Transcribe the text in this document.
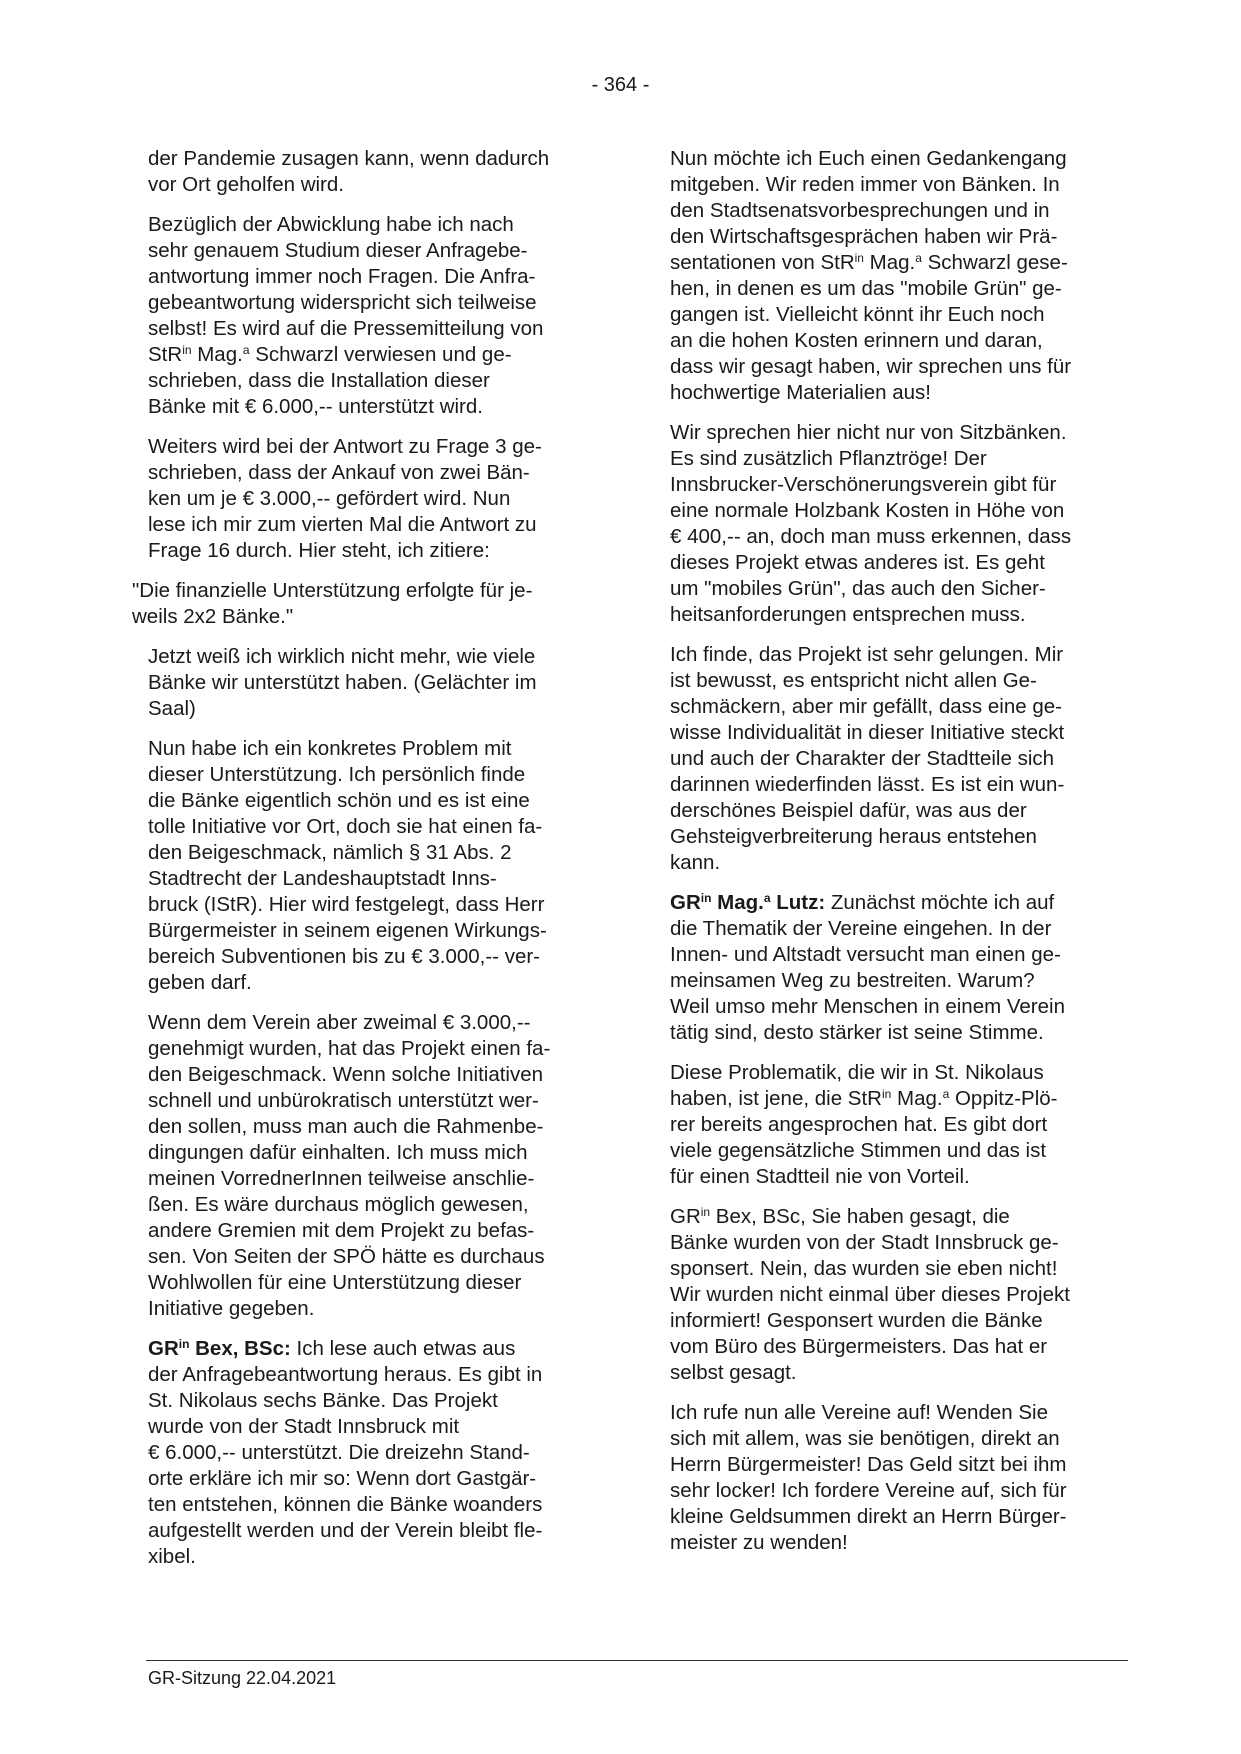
- 364 -

der Pandemie zusagen kann, wenn dadurch
vor Ort geholfen wird.

Bezüglich der Abwicklung habe ich nach
sehr genauem Studium dieser Anfragebe-
antwortung immer noch Fragen. Die Anfra-
gebeantwortung widerspricht sich teilweise
selbst! Es wird auf die Pressemitteilung von
StR$^{in}$ Mag.$^a$ Schwarzl verwiesen und ge-
schrieben, dass die Installation dieser
Bänke mit € 6.000,-- unterstützt wird.

Weiters wird bei der Antwort zu Frage 3 ge-
schrieben, dass der Ankauf von zwei Bän-
ken um je € 3.000,-- gefördert wird. Nun
lese ich mir zum vierten Mal die Antwort zu
Frage 16 durch. Hier steht, ich zitiere:

"Die finanzielle Unterstützung erfolgte für je-
weils 2x2 Bänke."

Jetzt weiß ich wirklich nicht mehr, wie viele
Bänke wir unterstützt haben. (Gelächter im
Saal)

Nun habe ich ein konkretes Problem mit
dieser Unterstützung. Ich persönlich finde
die Bänke eigentlich schön und es ist eine
tolle Initiative vor Ort, doch sie hat einen fa-
den Beigeschmack, nämlich § 31 Abs. 2
Stadtrecht der Landeshauptstadt Inns-
bruck (IStR). Hier wird festgelegt, dass Herr
Bürgermeister in seinem eigenen Wirkungs-
bereich Subventionen bis zu € 3.000,-- ver-
geben darf.

Wenn dem Verein aber zweimal € 3.000,--
genehmigt wurden, hat das Projekt einen fa-
den Beigeschmack. Wenn solche Initiativen
schnell und unbürokratisch unterstützt wer-
den sollen, muss man auch die Rahmenbe-
dingungen dafür einhalten. Ich muss mich
meinen VorrednerInnen teilweise anschlie-
ßen. Es wäre durchaus möglich gewesen,
andere Gremien mit dem Projekt zu befas-
sen. Von Seiten der SPÖ hätte es durchaus
Wohlwollen für eine Unterstützung dieser
Initiative gegeben.

$GR^{in}$ Bex, BSc: Ich lese auch etwas aus
der Anfragebeantwortung heraus. Es gibt in
St. Nikolaus sechs Bänke. Das Projekt
wurde von der Stadt Innsbruck mit
€ 6.000,-- unterstützt. Die dreizehn Stand-
orte erkläre ich mir so: Wenn dort Gastgär-
ten entstehen, können die Bänke woanders
aufgestellt werden und der Verein bleibt fle-
xibel.

Nun möchte ich Euch einen Gedankengang
mitgeben. Wir reden immer von Bänken. In
den Stadtsenatsvorbesprechungen und in
den Wirtschaftsgesprächen haben wir Prä-
sentationen von StR$^{in}$ Mag.$^a$ Schwarzl gese-
hen, in denen es um das "mobile Grün" ge-
gangen ist. Vielleicht könnt ihr Euch noch
an die hohen Kosten erinnern und daran,
dass wir gesagt haben, wir sprechen uns für
hochwertige Materialien aus!

Wir sprechen hier nicht nur von Sitzbänken.
Es sind zusätzlich Pflanztröge! Der
Innsbrucker-Verschönerungsverein gibt für
eine normale Holzbank Kosten in Höhe von
€ 400,-- an, doch man muss erkennen, dass
dieses Projekt etwas anderes ist. Es geht
um "mobiles Grün", das auch den Sicher-
heitsanforderungen entsprechen muss.

Ich finde, das Projekt ist sehr gelungen. Mir
ist bewusst, es entspricht nicht allen Ge-
schmäckern, aber mir gefällt, dass eine ge-
wisse Individualität in dieser Initiative steckt
und auch der Charakter der Stadtteile sich
darinnen wiederfinden lässt. Es ist ein wun-
derschönes Beispiel dafür, was aus der
Gehsteigverbreiterung heraus entstehen
kann.

$GR^{in}$ Mag.$^a$ Lutz: Zunächst möchte ich auf
die Thematik der Vereine eingehen. In der
Innen- und Altstadt versucht man einen ge-
meinsamen Weg zu bestreiten. Warum?
Weil umso mehr Menschen in einem Verein
tätig sind, desto stärker ist seine Stimme.

Diese Problematik, die wir in St. Nikolaus
haben, ist jene, die StR$^{in}$ Mag.$^a$ Oppitz-Plö-
rer bereits angesprochen hat. Es gibt dort
viele gegensätzliche Stimmen und das ist
für einen Stadtteil nie von Vorteil.

$GR^{in}$ Bex, BSc, Sie haben gesagt, die
Bänke wurden von der Stadt Innsbruck ge-
sponsert. Nein, das wurden sie eben nicht!
Wir wurden nicht einmal über dieses Projekt
informiert! Gesponsert wurden die Bänke
vom Büro des Bürgermeisters. Das hat er
selbst gesagt.

Ich rufe nun alle Vereine auf! Wenden Sie
sich mit allem, was sie benötigen, direkt an
Herrn Bürgermeister! Das Geld sitzt bei ihm
sehr locker! Ich fordere Vereine auf, sich für
kleine Geldsummen direkt an Herrn Bürger-
meister zu wenden!

GR-Sitzung 22.04.2021
